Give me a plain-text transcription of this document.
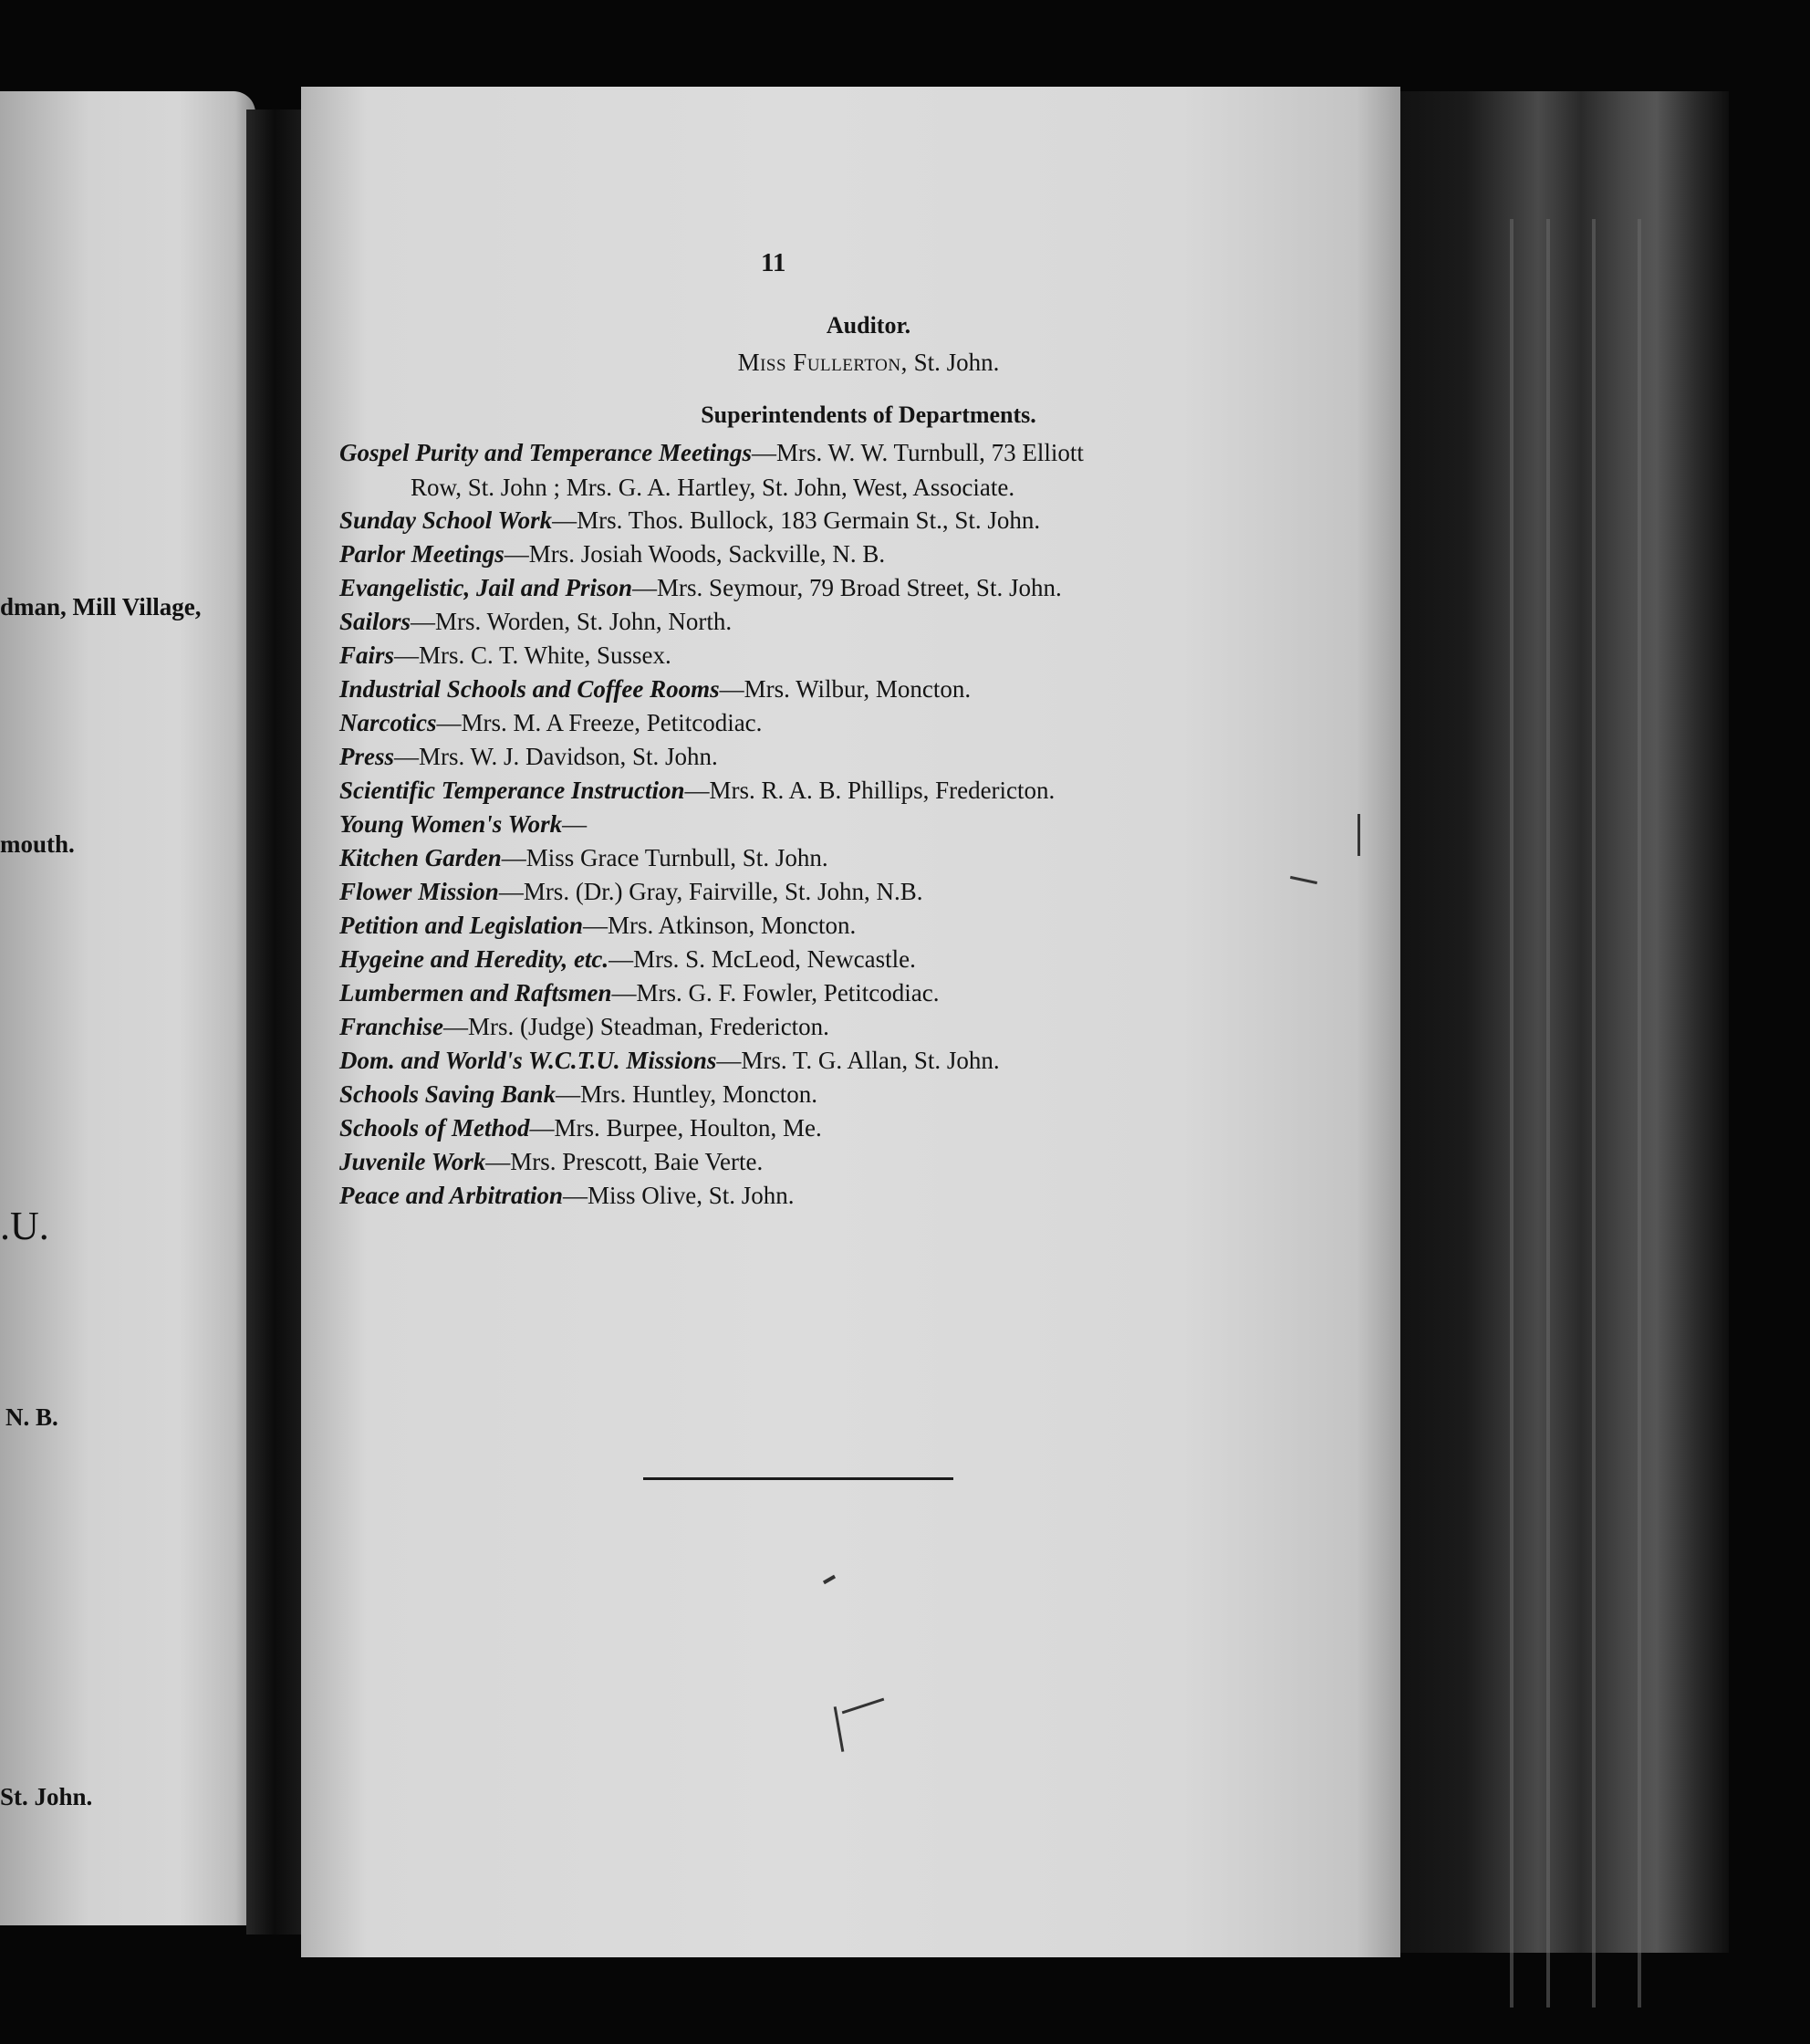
dman, Mill Village,
mouth.
.U.
N. B.
St. John.
11
Auditor.
Miss Fullerton, St. John.
Superintendents of Departments.
Gospel Purity and Temperance Meetings—Mrs. W. W. Turnbull, 73 Elliott
Row, St. John ; Mrs. G. A. Hartley, St. John, West, Associate.
Sunday School Work—Mrs. Thos. Bullock, 183 Germain St., St. John.
Parlor Meetings—Mrs. Josiah Woods, Sackville, N. B.
Evangelistic, Jail and Prison—Mrs. Seymour, 79 Broad Street, St. John.
Sailors—Mrs. Worden, St. John, North.
Fairs—Mrs. C. T. White, Sussex.
Industrial Schools and Coffee Rooms—Mrs. Wilbur, Moncton.
Narcotics—Mrs. M. A Freeze, Petitcodiac.
Press—Mrs. W. J. Davidson, St. John.
Scientific Temperance Instruction—Mrs. R. A. B. Phillips, Fredericton.
Young Women's Work—
Kitchen Garden—Miss Grace Turnbull, St. John.
Flower Mission—Mrs. (Dr.) Gray, Fairville, St. John, N.B.
Petition and Legislation—Mrs. Atkinson, Moncton.
Hygeine and Heredity, etc.—Mrs. S. McLeod, Newcastle.
Lumbermen and Raftsmen—Mrs. G. F. Fowler, Petitcodiac.
Franchise—Mrs. (Judge) Steadman, Fredericton.
Dom. and World's W.C.T.U. Missions—Mrs. T. G. Allan, St. John.
Schools Saving Bank—Mrs. Huntley, Moncton.
Schools of Method—Mrs. Burpee, Houlton, Me.
Juvenile Work—Mrs. Prescott, Baie Verte.
Peace and Arbitration—Miss Olive, St. John.
